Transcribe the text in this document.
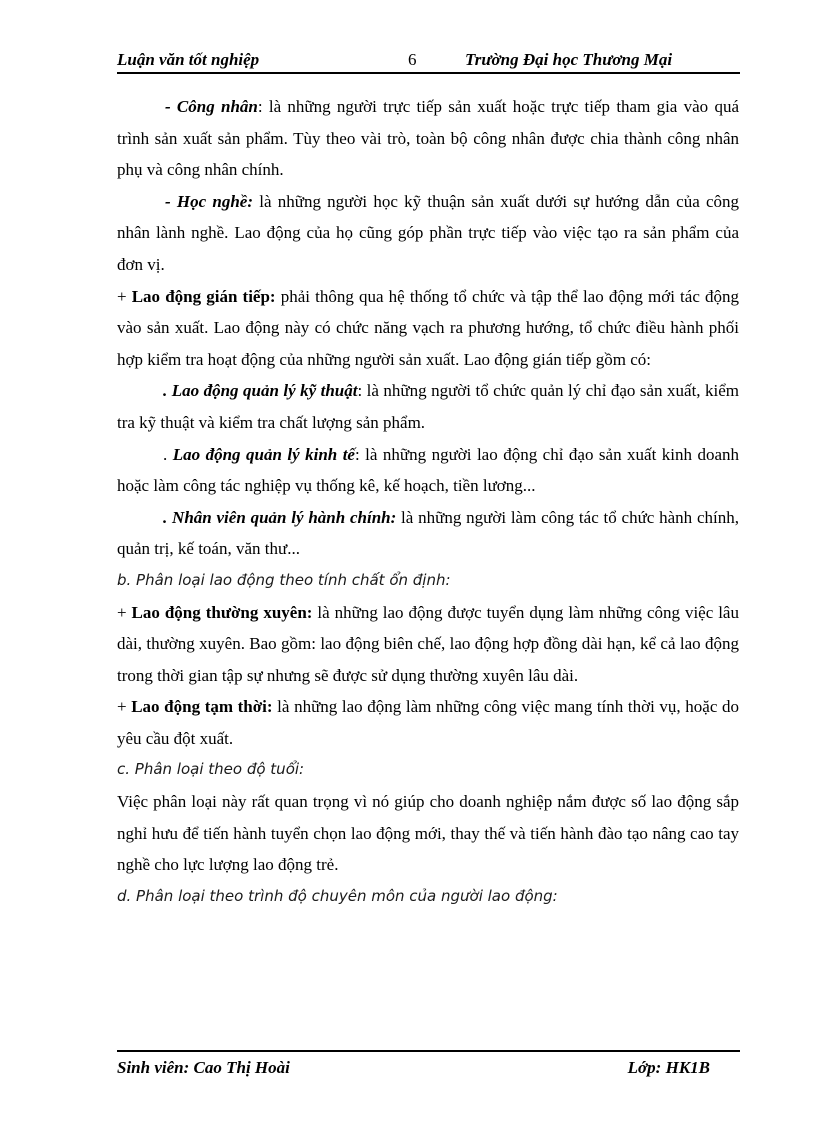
Luận văn tốt nghiệp	6	Trường Đại học Thương Mại

- Công nhân: là những người trực tiếp sản xuất hoặc trực tiếp tham gia vào quá trình sản xuất sản phẩm. Tùy theo vài trò, toàn bộ công nhân được chia thành công nhân phụ và công nhân chính.

- Học nghề: là những người học kỹ thuận sản xuất dưới sự hướng dẫn của công nhân lành nghề. Lao động của họ cũng góp phần trực tiếp vào việc tạo ra sản phẩm của đơn vị.

+ Lao động gián tiếp: phải thông qua hệ thống tổ chức và tập thể lao động mới tác động vào sản xuất. Lao động này có chức năng vạch ra phương hướng, tổ chức điều hành phối hợp kiểm tra hoạt động của những người sản xuất. Lao động gián tiếp gồm có:

. Lao động quản lý kỹ thuật: là những người tổ chức quản lý chỉ đạo sản xuất, kiểm tra kỹ thuật và kiểm tra chất lượng sản phẩm.

. Lao động quản lý kinh tế: là những người lao động chỉ đạo sản xuất kinh doanh hoặc làm công tác nghiệp vụ thống kê, kế hoạch, tiền lương...

. Nhân viên quản lý hành chính: là những người làm công tác tổ chức hành chính, quản trị, kế toán, văn thư...

b. Phân loại lao động theo tính chất ổn định:

+ Lao động thường xuyên: là những lao động được tuyển dụng làm những công việc lâu dài, thường xuyên. Bao gồm: lao động biên chế, lao động hợp đồng dài hạn, kể cả lao động trong thời gian tập sự nhưng sẽ được sử dụng thường xuyên lâu dài.

+ Lao động tạm thời: là những lao động làm những công việc mang tính thời vụ, hoặc do yêu cầu đột xuất.

c. Phân loại theo độ tuổi:

Việc phân loại này rất quan trọng vì nó giúp cho doanh nghiệp nắm được số lao động sắp nghỉ hưu để tiến hành tuyển chọn lao động mới, thay thế và tiến hành đào tạo nâng cao tay nghề cho lực lượng lao động trẻ.

d. Phân loại theo trình độ chuyên môn của người lao động:

Sinh viên: Cao Thị Hoài	Lớp: HK1B
